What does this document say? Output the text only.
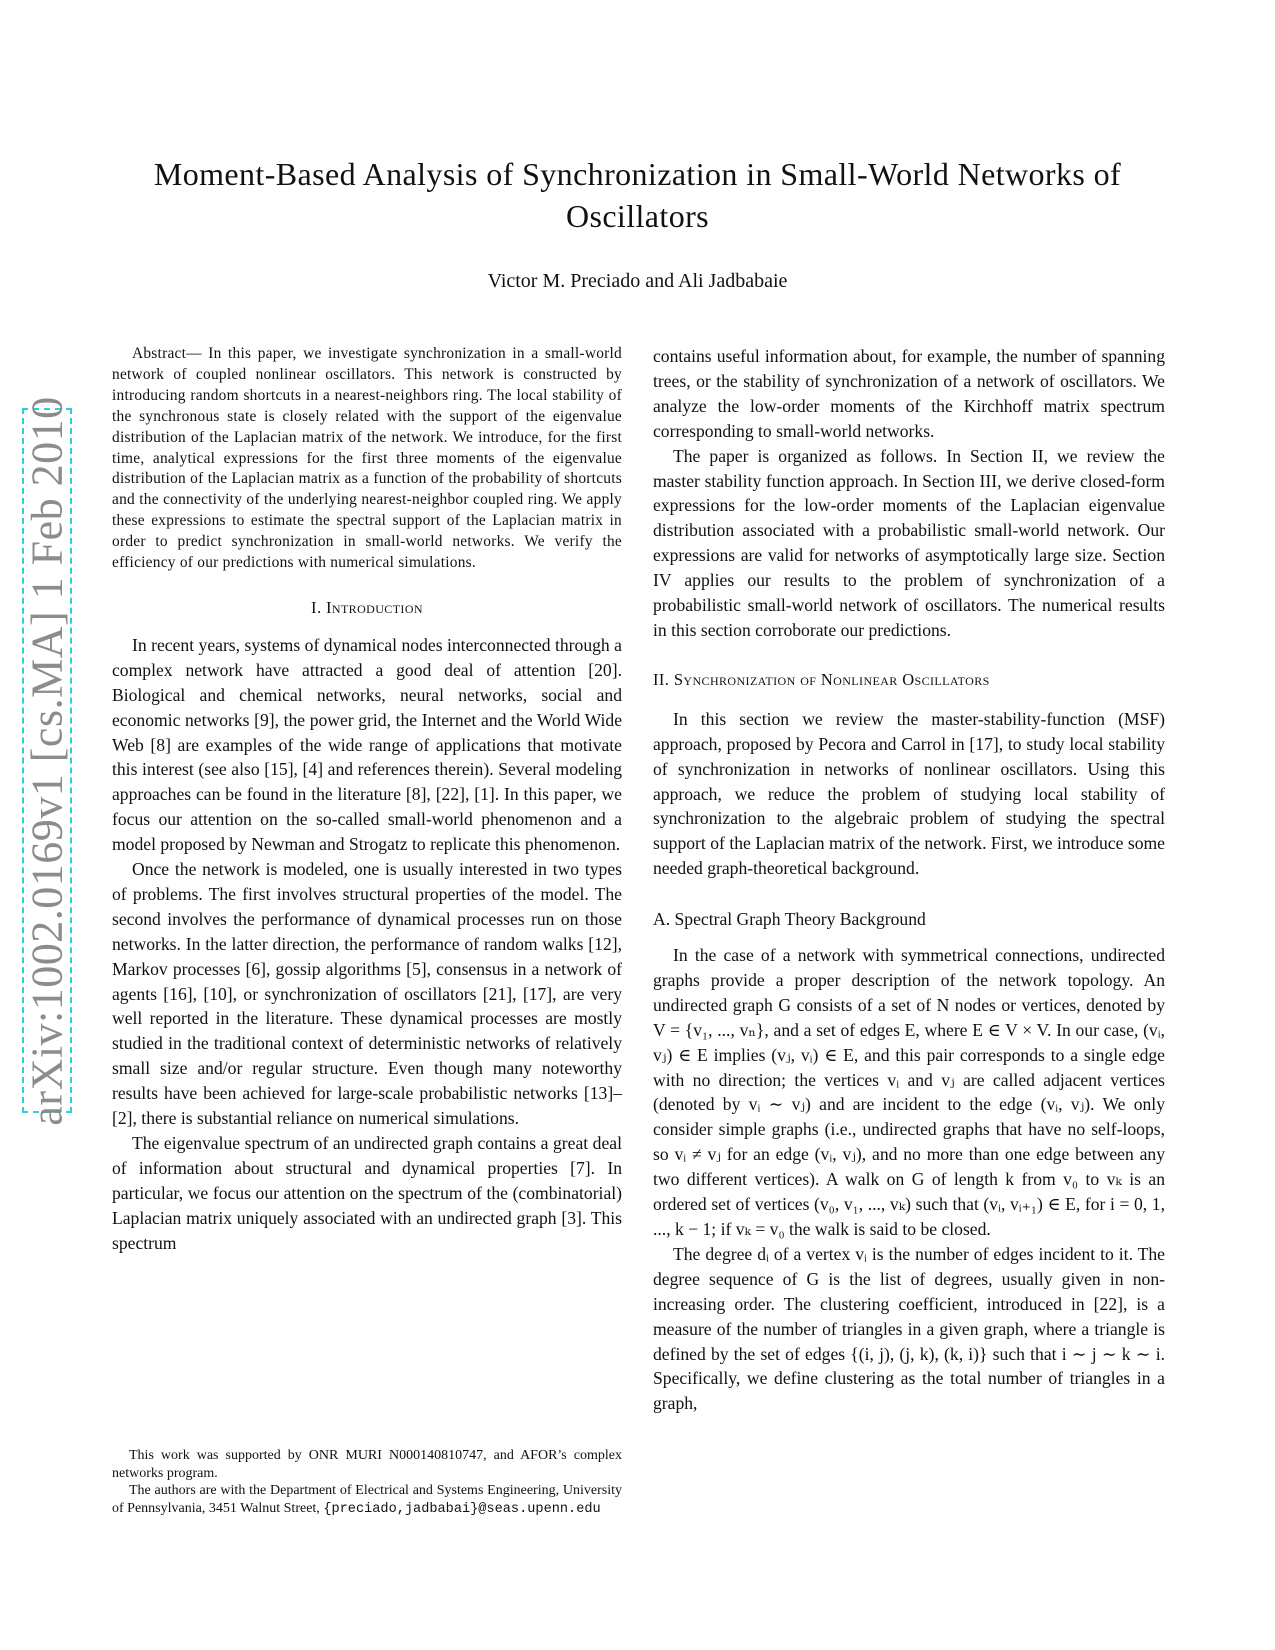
arXiv:1002.0169v1 [cs.MA] 1 Feb 2010
Moment-Based Analysis of Synchronization in Small-World Networks of Oscillators
Victor M. Preciado and Ali Jadbabaie

Abstract— In this paper, we investigate synchronization in a small-world network of coupled nonlinear oscillators. This network is constructed by introducing random shortcuts in a nearest-neighbors ring. The local stability of the synchronous state is closely related with the support of the eigenvalue distribution of the Laplacian matrix of the network. We introduce, for the first time, analytical expressions for the first three moments of the eigenvalue distribution of the Laplacian matrix as a function of the probability of shortcuts and the connectivity of the underlying nearest-neighbor coupled ring. We apply these expressions to estimate the spectral support of the Laplacian matrix in order to predict synchronization in small-world networks. We verify the efficiency of our predictions with numerical simulations.

I. Introduction

In recent years, systems of dynamical nodes interconnected through a complex network have attracted a good deal of attention [20]. Biological and chemical networks, neural networks, social and economic networks [9], the power grid, the Internet and the World Wide Web [8] are examples of the wide range of applications that motivate this interest (see also [15], [4] and references therein). Several modeling approaches can be found in the literature [8], [22], [1]. In this paper, we focus our attention on the so-called small-world phenomenon and a model proposed by Newman and Strogatz to replicate this phenomenon.

Once the network is modeled, one is usually interested in two types of problems. The first involves structural properties of the model. The second involves the performance of dynamical processes run on those networks. In the latter direction, the performance of random walks [12], Markov processes [6], gossip algorithms [5], consensus in a network of agents [16], [10], or synchronization of oscillators [21], [17], are very well reported in the literature. These dynamical processes are mostly studied in the traditional context of deterministic networks of relatively small size and/or regular structure. Even though many noteworthy results have been achieved for large-scale probabilistic networks [13]– [2], there is substantial reliance on numerical simulations.

The eigenvalue spectrum of an undirected graph contains a great deal of information about structural and dynamical properties [7]. In particular, we focus our attention on the spectrum of the (combinatorial) Laplacian matrix uniquely associated with an undirected graph [3]. This spectrum

contains useful information about, for example, the number of spanning trees, or the stability of synchronization of a network of oscillators. We analyze the low-order moments of the Kirchhoff matrix spectrum corresponding to small-world networks.

The paper is organized as follows. In Section II, we review the master stability function approach. In Section III, we derive closed-form expressions for the low-order moments of the Laplacian eigenvalue distribution associated with a probabilistic small-world network. Our expressions are valid for networks of asymptotically large size. Section IV applies our results to the problem of synchronization of a probabilistic small-world network of oscillators. The numerical results in this section corroborate our predictions.

II. Synchronization of Nonlinear Oscillators

In this section we review the master-stability-function (MSF) approach, proposed by Pecora and Carrol in [17], to study local stability of synchronization in networks of nonlinear oscillators. Using this approach, we reduce the problem of studying local stability of synchronization to the algebraic problem of studying the spectral support of the Laplacian matrix of the network. First, we introduce some needed graph-theoretical background.

A. Spectral Graph Theory Background

In the case of a network with symmetrical connections, undirected graphs provide a proper description of the network topology. An undirected graph G consists of a set of N nodes or vertices, denoted by V = {v₁, ..., vₙ}, and a set of edges E, where E ∈ V × V. In our case, (vᵢ, vⱼ) ∈ E implies (vⱼ, vᵢ) ∈ E, and this pair corresponds to a single edge with no direction; the vertices vᵢ and vⱼ are called adjacent vertices (denoted by vᵢ ∼ vⱼ) and are incident to the edge (vᵢ, vⱼ). We only consider simple graphs (i.e., undirected graphs that have no self-loops, so vᵢ ≠ vⱼ for an edge (vᵢ, vⱼ), and no more than one edge between any two different vertices). A walk on G of length k from v₀ to vₖ is an ordered set of vertices (v₀, v₁, ..., vₖ) such that (vᵢ, vᵢ₊₁) ∈ E, for i = 0, 1, ..., k − 1; if vₖ = v₀ the walk is said to be closed.

The degree dᵢ of a vertex vᵢ is the number of edges incident to it. The degree sequence of G is the list of degrees, usually given in non-increasing order. The clustering coefficient, introduced in [22], is a measure of the number of triangles in a given graph, where a triangle is defined by the set of edges {(i, j), (j, k), (k, i)} such that i ∼ j ∼ k ∼ i. Specifically, we define clustering as the total number of triangles in a graph,

This work was supported by ONR MURI N000140810747, and AFOR’s complex networks program.

The authors are with the Department of Electrical and Systems Engineering, University of Pennsylvania, 3451 Walnut Street, {preciado,jadbabai}@seas.upenn.edu
